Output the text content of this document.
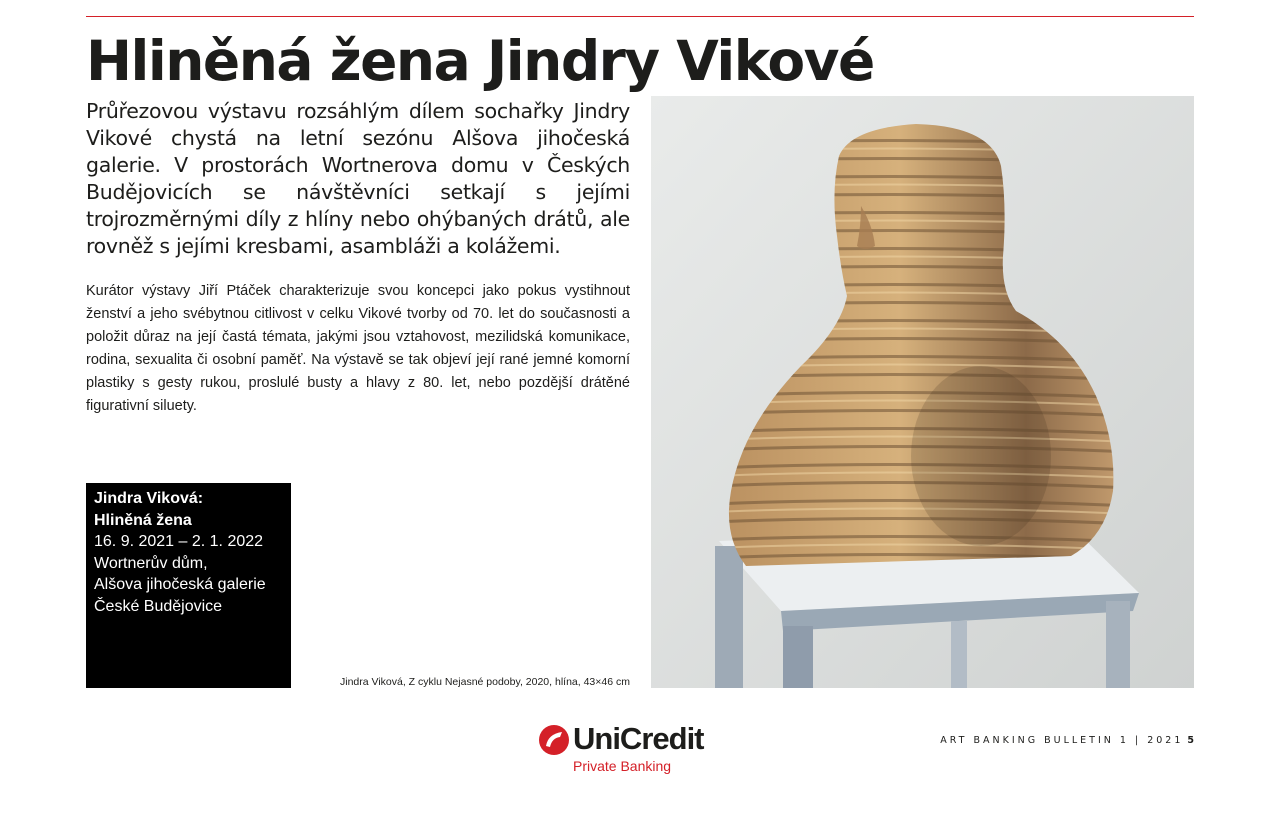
Hliněná žena Jindry Vikové

Průřezovou výstavu rozsáhlým dílem sochařky Jindry Vikové chystá na letní sezónu Alšova jihočeská galerie. V prostorách Wortnerova domu v Českých Budějovicích se návštěvníci setkají s jejími trojrozměrnými díly z hlíny nebo ohýbaných drátů, ale rovněž s jejími kresbami, asambláži a kolážemi.

Kurátor výstavy Jiří Ptáček charakterizuje svou koncepci jako pokus vystihnout ženství a jeho svébytnou citlivost v celku Vikové tvorby od 70. let do současnosti a položit důraz na její častá témata, jakými jsou vztahovost, mezilidská komunikace, rodina, sexualita či osobní paměť. Na výstavě se tak objeví její rané jemné komorní plastiky s gesty rukou, proslulé busty a hlavy z 80. let, nebo pozdější drátěné figurativní siluety.

Jindra Viková:
Hliněná žena
16. 9. 2021 – 2. 1. 2022
Wortnerův dům,
Alšova jihočeská galerie
České Budějovice
Jindra Viková, Z cyklu Nejasné podoby, 2020, hlína, 43×46 cm
UniCredit
Private Banking
ART BANKING BULLETIN 1 | 2021 5
